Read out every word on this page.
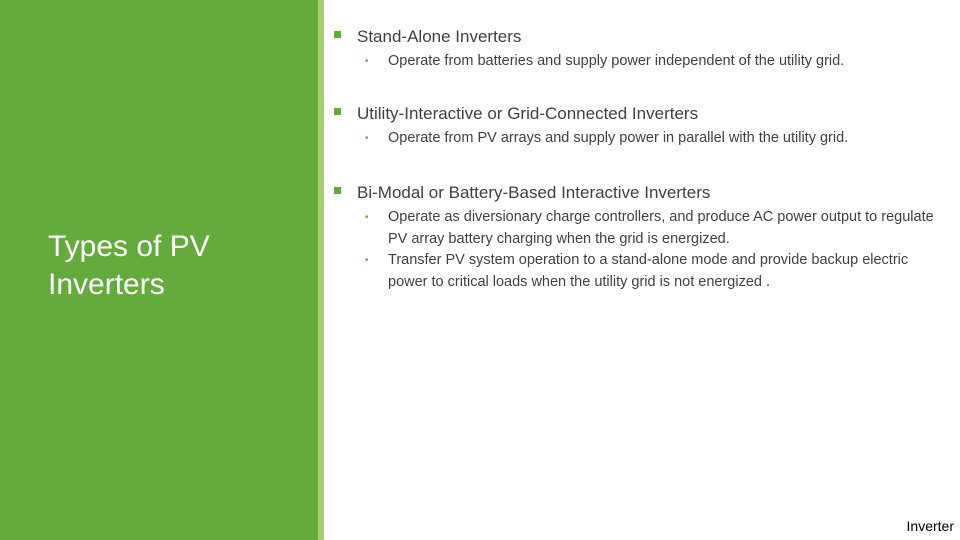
Types of PV Inverters

Stand-Alone Inverters

• Operate from batteries and supply power independent of the utility grid.

Utility-Interactive or Grid-Connected Inverters

• Operate from PV arrays and supply power in parallel with the utility grid.

Bi-Modal or Battery-Based Interactive Inverters

• Operate as diversionary charge controllers, and produce AC power output to regulate PV array battery charging when the grid is energized.

• Transfer PV system operation to a stand-alone mode and provide backup electric power to critical loads when the utility grid is not energized .

Inverter
